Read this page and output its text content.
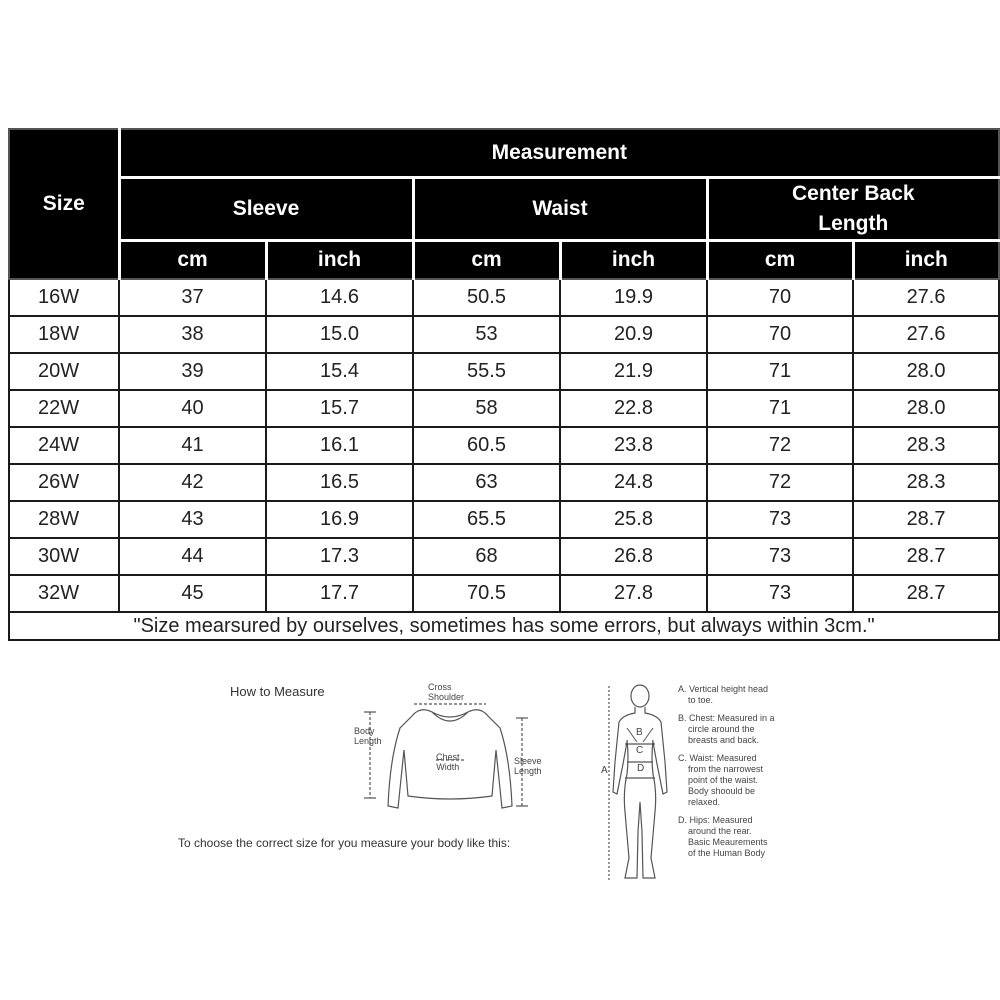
Size	Measurement					
	Sleeve		Waist		Center Back
Length	
	cm	inch	cm	inch	cm	inch
16W	37	14.6	50.5	19.9	70	27.6
18W	38	15.0	53	20.9	70	27.6
20W	39	15.4	55.5	21.9	71	28.0
22W	40	15.7	58	22.8	71	28.0
24W	41	16.1	60.5	23.8	72	28.3
26W	42	16.5	63	24.8	72	28.3
28W	43	16.9	65.5	25.8	73	28.7
30W	44	17.3	68	26.8	73	28.7
32W	45	17.7	70.5	27.8	73	28.7
"Size mearsured by ourselves, sometimes has some errors, but always within 3cm."						
How to Measure	Cross
Shoulder
Body
Length
Chest
Width
Sleeve
Length
To choose the correct size for you measure your body like this:
A
B
C
D
A. Vertical height head
to toe.
B. Chest: Measured in a
circle around the
breasts and back.
C. Waist: Measured
from the narrowest
point of the waist.
Body shoould be
relaxed.
D. Hips: Measured
around the rear.
Basic Meaurements
of the Human Body
